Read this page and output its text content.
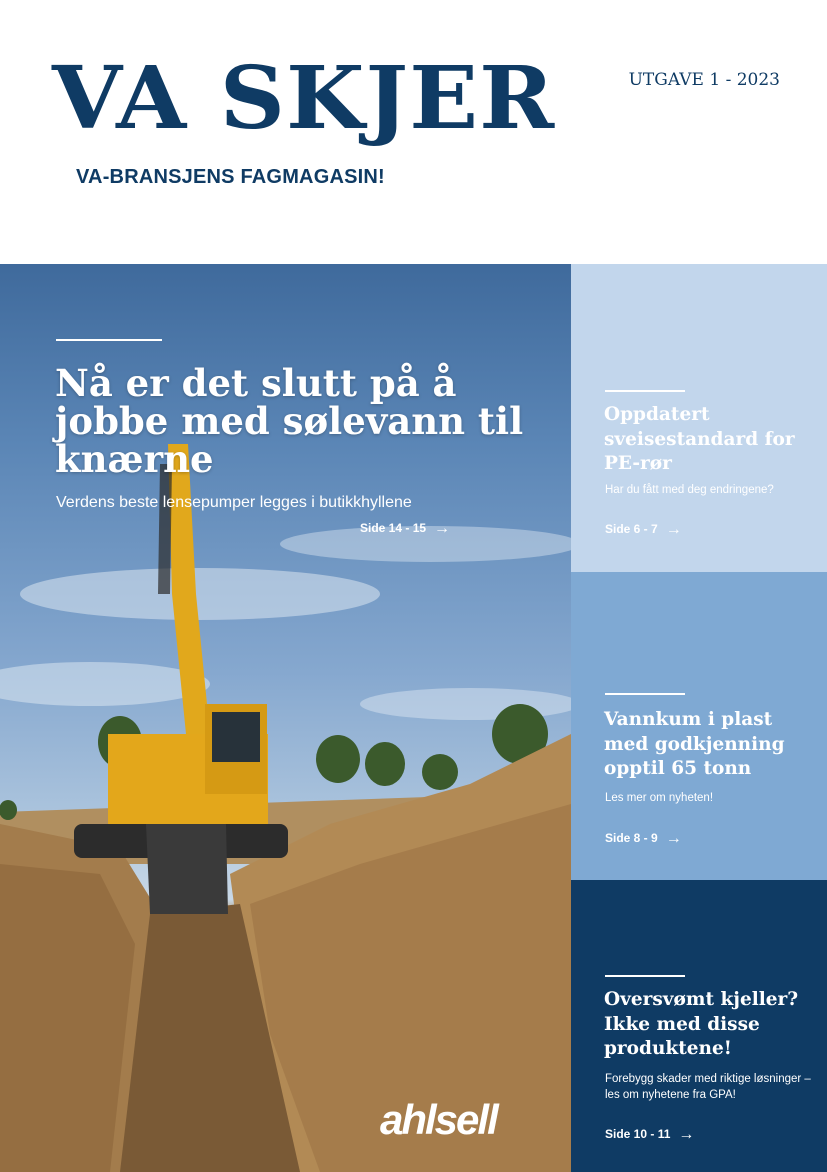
VA SKJER
VA-BRANSJENS FAGMAGASIN!
UTGAVE 1 - 2023
Nå er det slutt på å jobbe med sølevann til knærne
Verdens beste lensepumper legges i butikkhyllene
Side 14 - 15 →
ahlsell
Oppdatert sveisestandard for PE-rør
Har du fått med deg endringene?
Side 6 - 7 →
Vannkum i plast med godkjenning opptil 65 tonn
Les mer om nyheten!
Side 8 - 9 →
Oversvømt kjeller? Ikke med disse produktene!
Forebygg skader med riktige løsninger – les om nyhetene fra GPA!
Side 10 - 11 →
